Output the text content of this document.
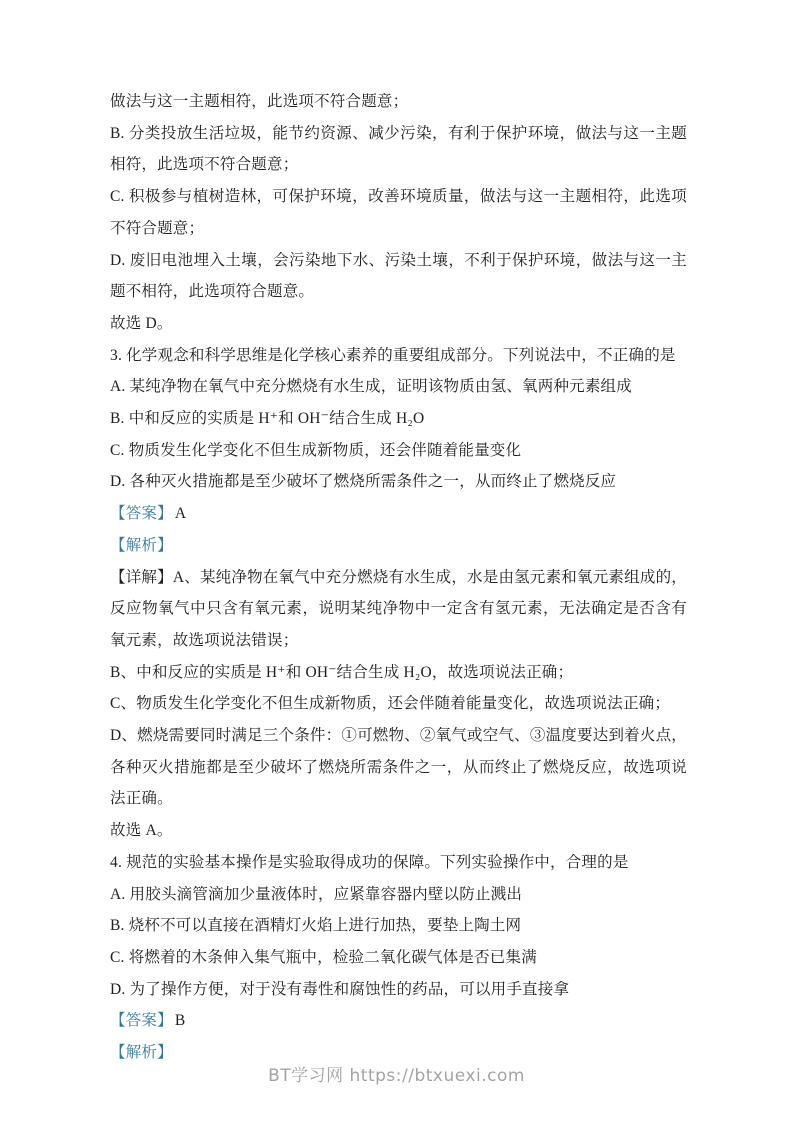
做法与这一主题相符，此选项不符合题意；

B. 分类投放生活垃圾，能节约资源、减少污染，有利于保护环境，做法与这一主题相符，此选项不符合题意；

C. 积极参与植树造林，可保护环境，改善环境质量，做法与这一主题相符，此选项不符合题意；

D. 废旧电池埋入土壤，会污染地下水、污染土壤，不利于保护环境，做法与这一主题不相符，此选项符合题意。

故选 D。

3. 化学观念和科学思维是化学核心素养的重要组成部分。下列说法中，不正确的是

A. 某纯净物在氧气中充分燃烧有水生成，证明该物质由氢、氧两种元素组成

B. 中和反应的实质是 H⁺和 OH⁻结合生成 H₂O

C. 物质发生化学变化不但生成新物质，还会伴随着能量变化

D. 各种灭火措施都是至少破坏了燃烧所需条件之一，从而终止了燃烧反应

【答案】 A

【解析】

【详解】A、某纯净物在氧气中充分燃烧有水生成，水是由氢元素和氧元素组成的，反应物氧气中只含有氧元素，说明某纯净物中一定含有氢元素，无法确定是否含有氧元素，故选项说法错误；

B、中和反应的实质是 H⁺和 OH⁻结合生成 H₂O，故选项说法正确；

C、物质发生化学变化不但生成新物质，还会伴随着能量变化，故选项说法正确；

D、燃烧需要同时满足三个条件：①可燃物、②氧气或空气、③温度要达到着火点，各种灭火措施都是至少破坏了燃烧所需条件之一，从而终止了燃烧反应，故选项说法正确。

故选 A。

4. 规范的实验基本操作是实验取得成功的保障。下列实验操作中，合理的是

A. 用胶头滴管滴加少量液体时，应紧靠容器内壁以防止溅出

B. 烧杯不可以直接在酒精灯火焰上进行加热，要垫上陶土网

C. 将燃着的木条伸入集气瓶中，检验二氧化碳气体是否已集满

D. 为了操作方便，对于没有毒性和腐蚀性的药品，可以用手直接拿

【答案】 B

【解析】

BT学习网 https://btxuexi.com
